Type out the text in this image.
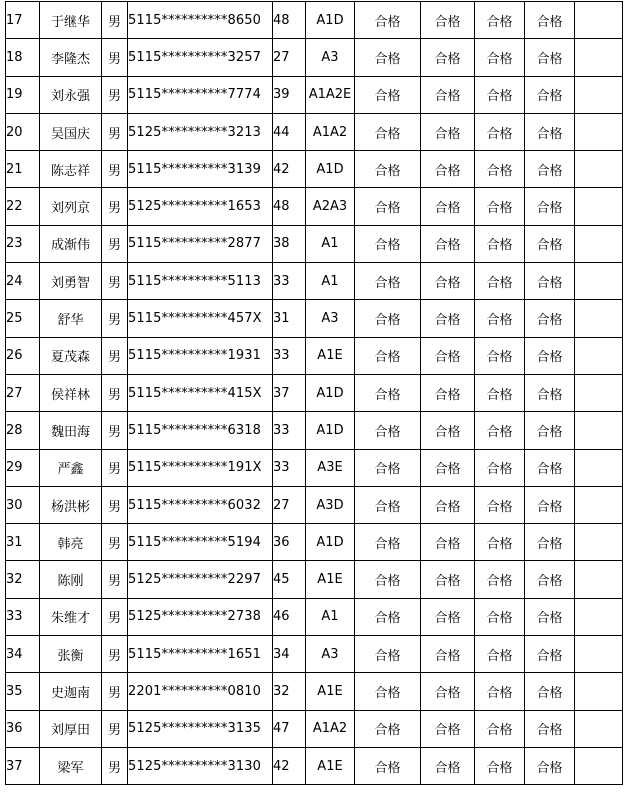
17	于继华	男	5115**********8650	48	A1D	合格	合格	合格	合格	
18	李隆杰	男	5115**********3257	27	A3	合格	合格	合格	合格	
19	刘永强	男	5115**********7774	39	A1A2E	合格	合格	合格	合格	
20	吴国庆	男	5125**********3213	44	A1A2	合格	合格	合格	合格	
21	陈志祥	男	5115**********3139	42	A1D	合格	合格	合格	合格	
22	刘列京	男	5125**********1653	48	A2A3	合格	合格	合格	合格	
23	成渐伟	男	5115**********2877	38	A1	合格	合格	合格	合格	
24	刘勇智	男	5115**********5113	33	A1	合格	合格	合格	合格	
25	舒华	男	5115**********457X	31	A3	合格	合格	合格	合格	
26	夏茂森	男	5115**********1931	33	A1E	合格	合格	合格	合格	
27	侯祥林	男	5115**********415X	37	A1D	合格	合格	合格	合格	
28	魏田海	男	5115**********6318	33	A1D	合格	合格	合格	合格	
29	严鑫	男	5115**********191X	33	A3E	合格	合格	合格	合格	
30	杨洪彬	男	5115**********6032	27	A3D	合格	合格	合格	合格	
31	韩亮	男	5115**********5194	36	A1D	合格	合格	合格	合格	
32	陈刚	男	5125**********2297	45	A1E	合格	合格	合格	合格	
33	朱维才	男	5125**********2738	46	A1	合格	合格	合格	合格	
34	张衡	男	5115**********1651	34	A3	合格	合格	合格	合格	
35	史迦南	男	2201**********0810	32	A1E	合格	合格	合格	合格	
36	刘厚田	男	5125**********3135	47	A1A2	合格	合格	合格	合格	
37	梁军	男	5125**********3130	42	A1E	合格	合格	合格	合格	
